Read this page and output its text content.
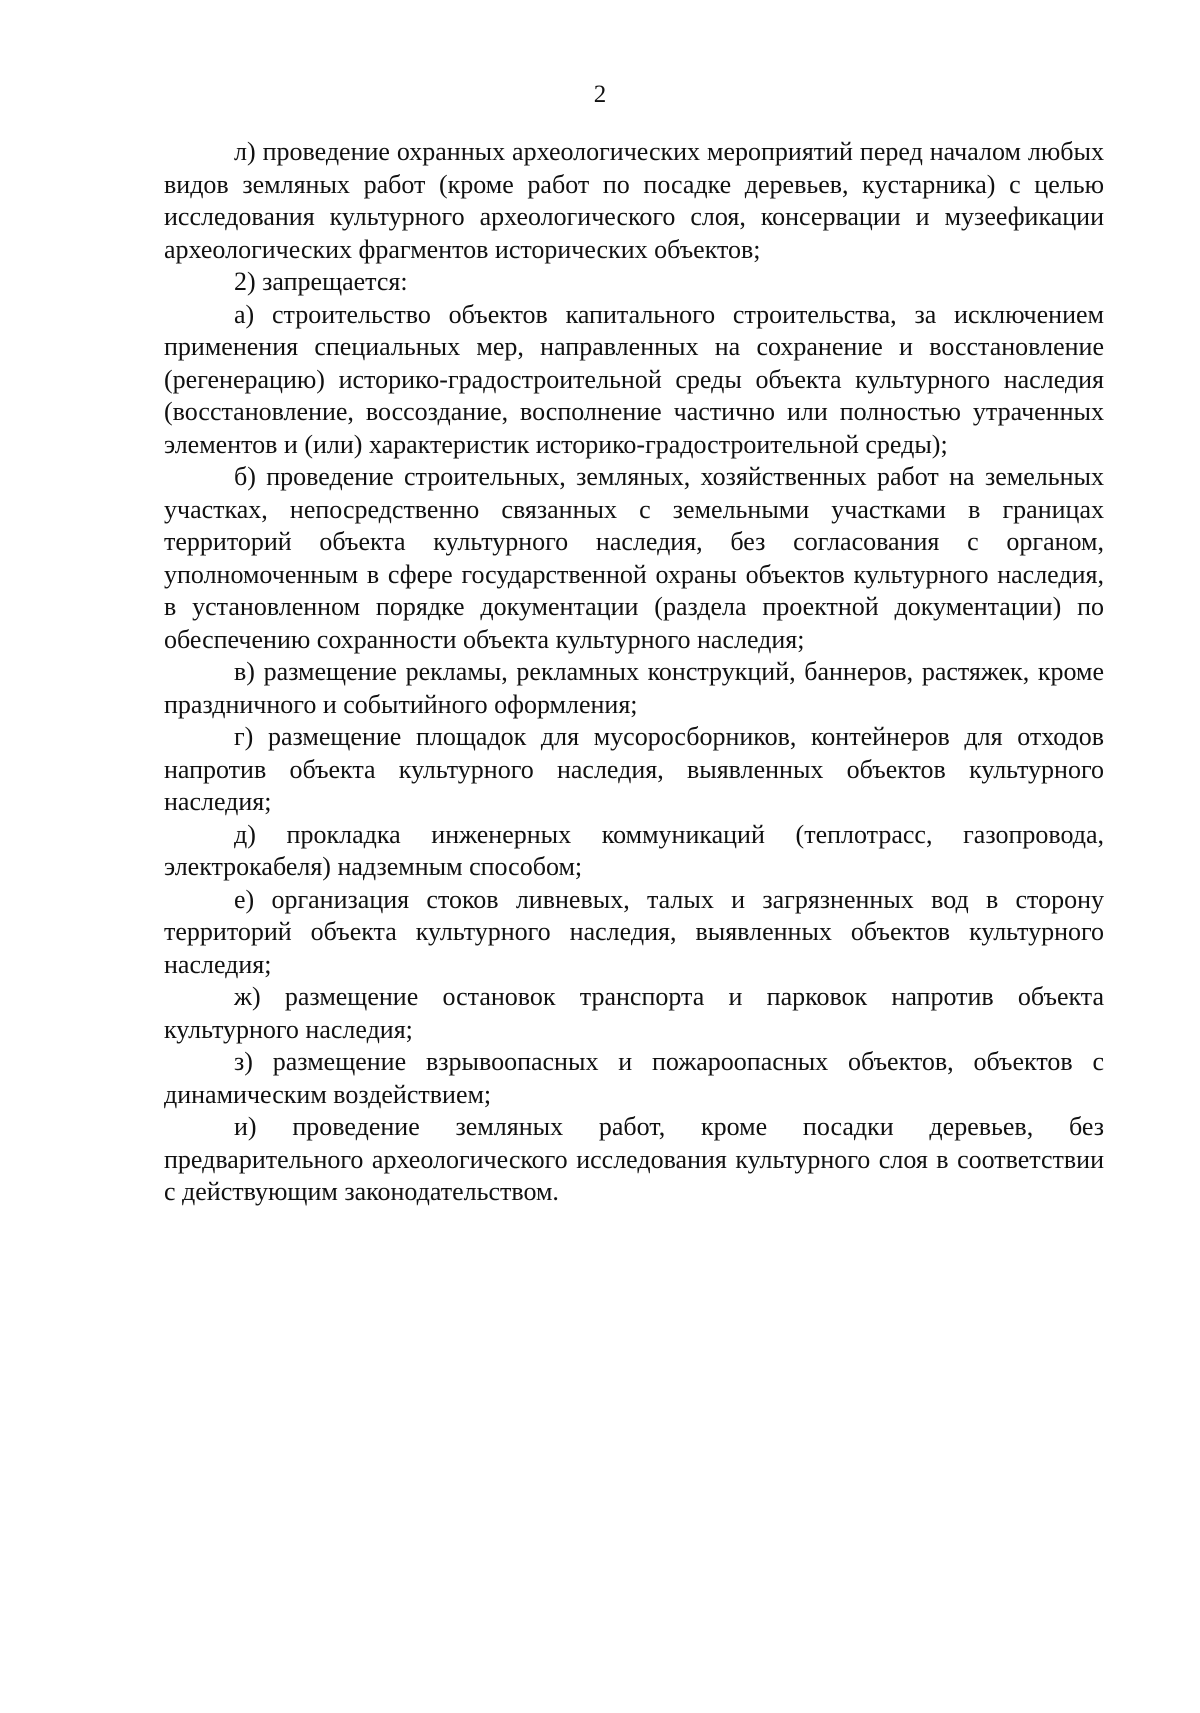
2

л) проведение охранных археологических мероприятий перед началом любых видов земляных работ (кроме работ по посадке деревьев, кустарника) с целью исследования культурного археологического слоя, консервации и музеефикации археологических фрагментов исторических объектов;

2) запрещается:

а) строительство объектов капитального строительства, за исключением применения специальных мер, направленных на сохранение и восстановление (регенерацию) историко-градостроительной среды объекта культурного наследия (восстановление, воссоздание, восполнение частично или полностью утраченных элементов и (или) характеристик историко-градостроительной среды);

б) проведение строительных, земляных, хозяйственных работ на земельных участках, непосредственно связанных с земельными участками в границах территорий объекта культурного наследия, без согласования с органом, уполномоченным в сфере государственной охраны объектов культурного наследия, в установленном порядке документации (раздела проектной документации) по обеспечению сохранности объекта культурного наследия;

в) размещение рекламы, рекламных конструкций, баннеров, растяжек, кроме праздничного и событийного оформления;

г) размещение площадок для мусоросборников, контейнеров для отходов напротив объекта культурного наследия, выявленных объектов культурного наследия;

д) прокладка инженерных коммуникаций (теплотрасс, газопровода, электрокабеля) надземным способом;

е) организация стоков ливневых, талых и загрязненных вод в сторону территорий объекта культурного наследия, выявленных объектов культурного наследия;

ж) размещение остановок транспорта и парковок напротив объекта культурного наследия;

з) размещение взрывоопасных и пожароопасных объектов, объектов с динамическим воздействием;

и) проведение земляных работ, кроме посадки деревьев, без предварительного археологического исследования культурного слоя в соответствии с действующим законодательством.
